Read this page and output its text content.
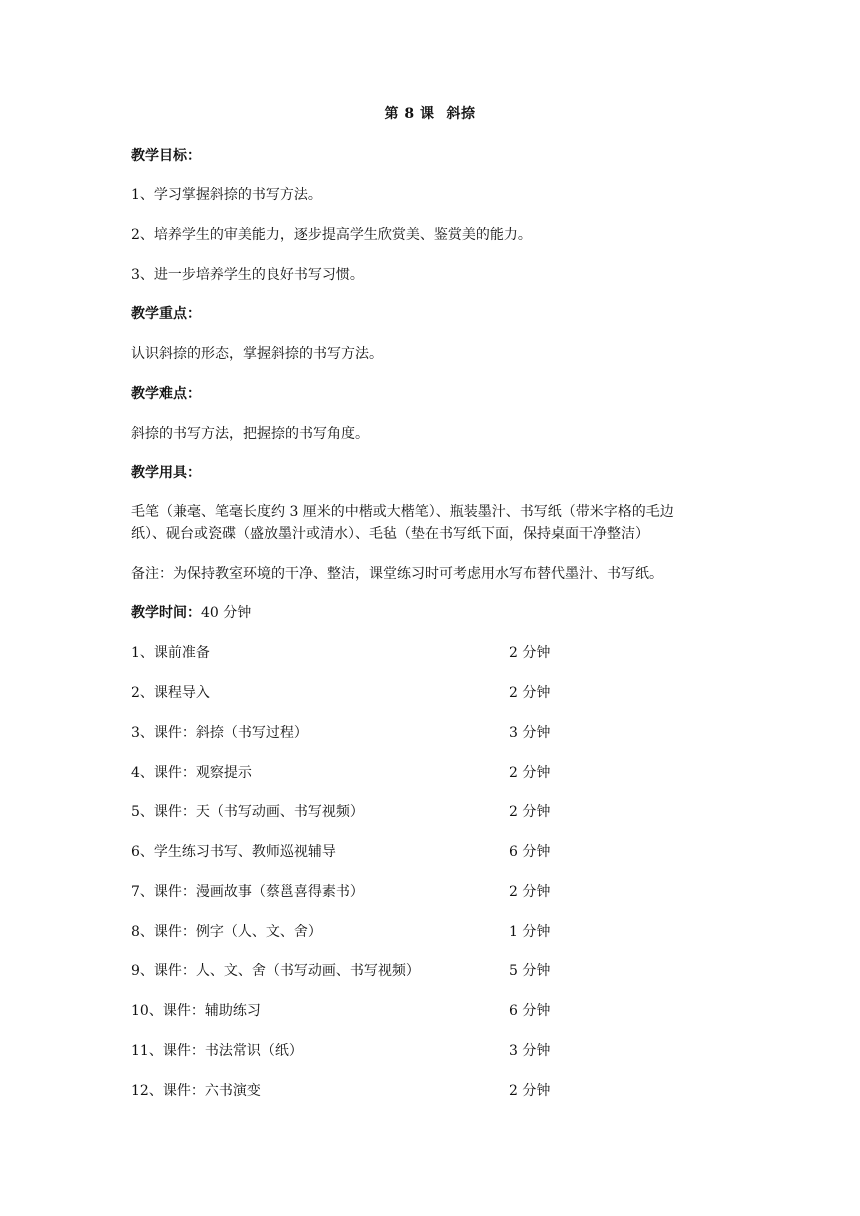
第 8 课 斜捺
教学目标：
1、学习掌握斜捺的书写方法。
2、培养学生的审美能力，逐步提高学生欣赏美、鉴赏美的能力。
3、进一步培养学生的良好书写习惯。
教学重点：
认识斜捺的形态，掌握斜捺的书写方法。
教学难点：
斜捺的书写方法，把握捺的书写角度。
教学用具：
毛笔（兼毫、笔毫长度约 3 厘米的中楷或大楷笔）、瓶装墨汁、书写纸（带米字格的毛边
纸）、砚台或瓷碟（盛放墨汁或清水）、毛毡（垫在书写纸下面，保持桌面干净整洁）
备注：为保持教室环境的干净、整洁，课堂练习时可考虑用水写布替代墨汁、书写纸。
教学时间：40 分钟
1、课前准备	2 分钟
2、课程导入	2 分钟
3、课件：斜捺（书写过程）	3 分钟
4、课件：观察提示	2 分钟
5、课件：天（书写动画、书写视频）	2 分钟
6、学生练习书写、教师巡视辅导	6 分钟
7、课件：漫画故事（蔡邕喜得素书）	2 分钟
8、课件：例字（人、文、舍）	1 分钟
9、课件：人、文、舍（书写动画、书写视频）	5 分钟
10、课件：辅助练习	6 分钟
11、课件：书法常识（纸）	3 分钟
12、课件：六书演变	2 分钟
